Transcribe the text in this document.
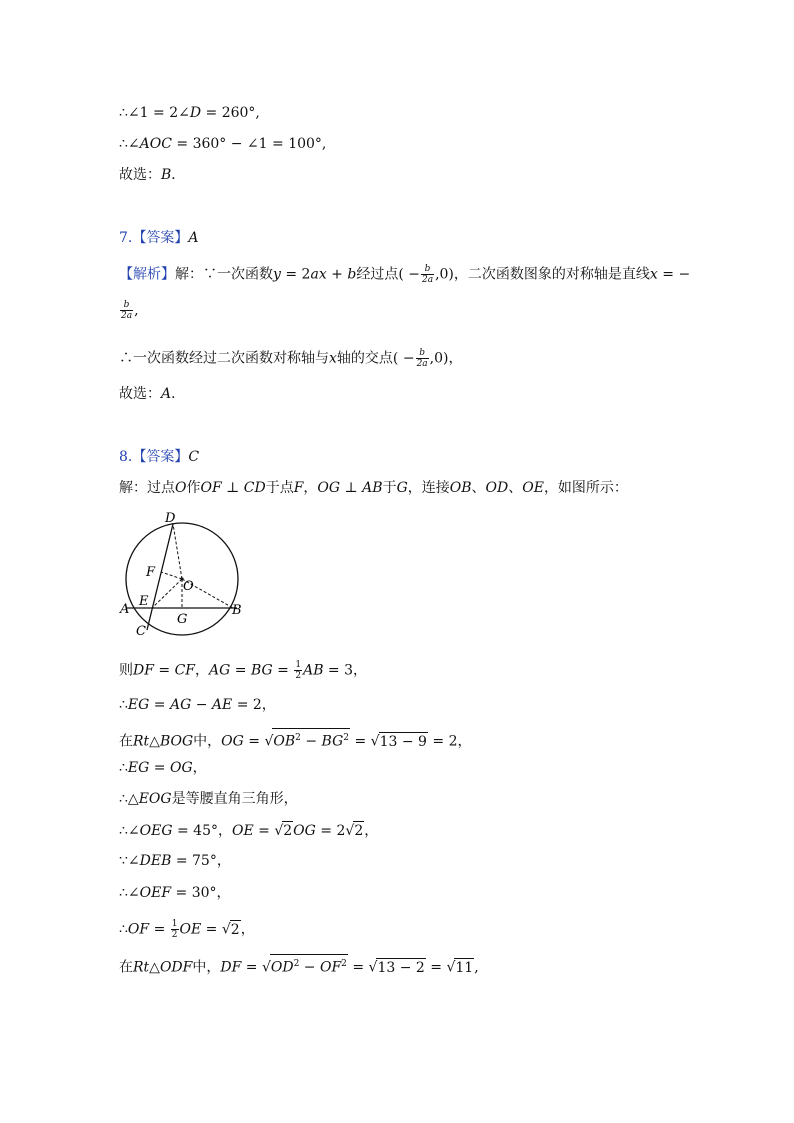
∴∠1 = 2∠D = 260°,
∴∠AOC = 360° − ∠1 = 100°,
故选：B．
7.【答案】A
【解析】解：∵一次函数y = 2ax + b经过点( − $\frac{b}{2a} ,0$)，二次函数图象的对称轴是直线x = −
$\frac{b}{2a}$ ,
∴一次函数经过二次函数对称轴与x轴的交点( − $\frac{b}{2a} ,0$)，
故选：A．
8.【答案】C
解：过点O作OF ⊥ CD于点F，OG ⊥ AB于G，连接OB、OD、OE，如图所示：
D
F
O
A
E
G
B
C
则DF = CF，AG = BG = $\frac{1}{2}$ AB = 3，
∴EG = AG − AE = 2，
在Rt△BOG中，OG = $√OB^2 - BG^2 = √13 - 9 = 2$，
∴EG = OG，
∴△EOG是等腰直角三角形，
∴∠OEG = 45°，OE = √2OG = 2√2，
∵∠DEB = 75°，
∴∠OEF = 30°，
∴OF = $\frac{1}{2}$ OE = √2，
在Rt△ODF中，DF = $√OD^2 - OF^2 = √13 - 2 = √11$,
